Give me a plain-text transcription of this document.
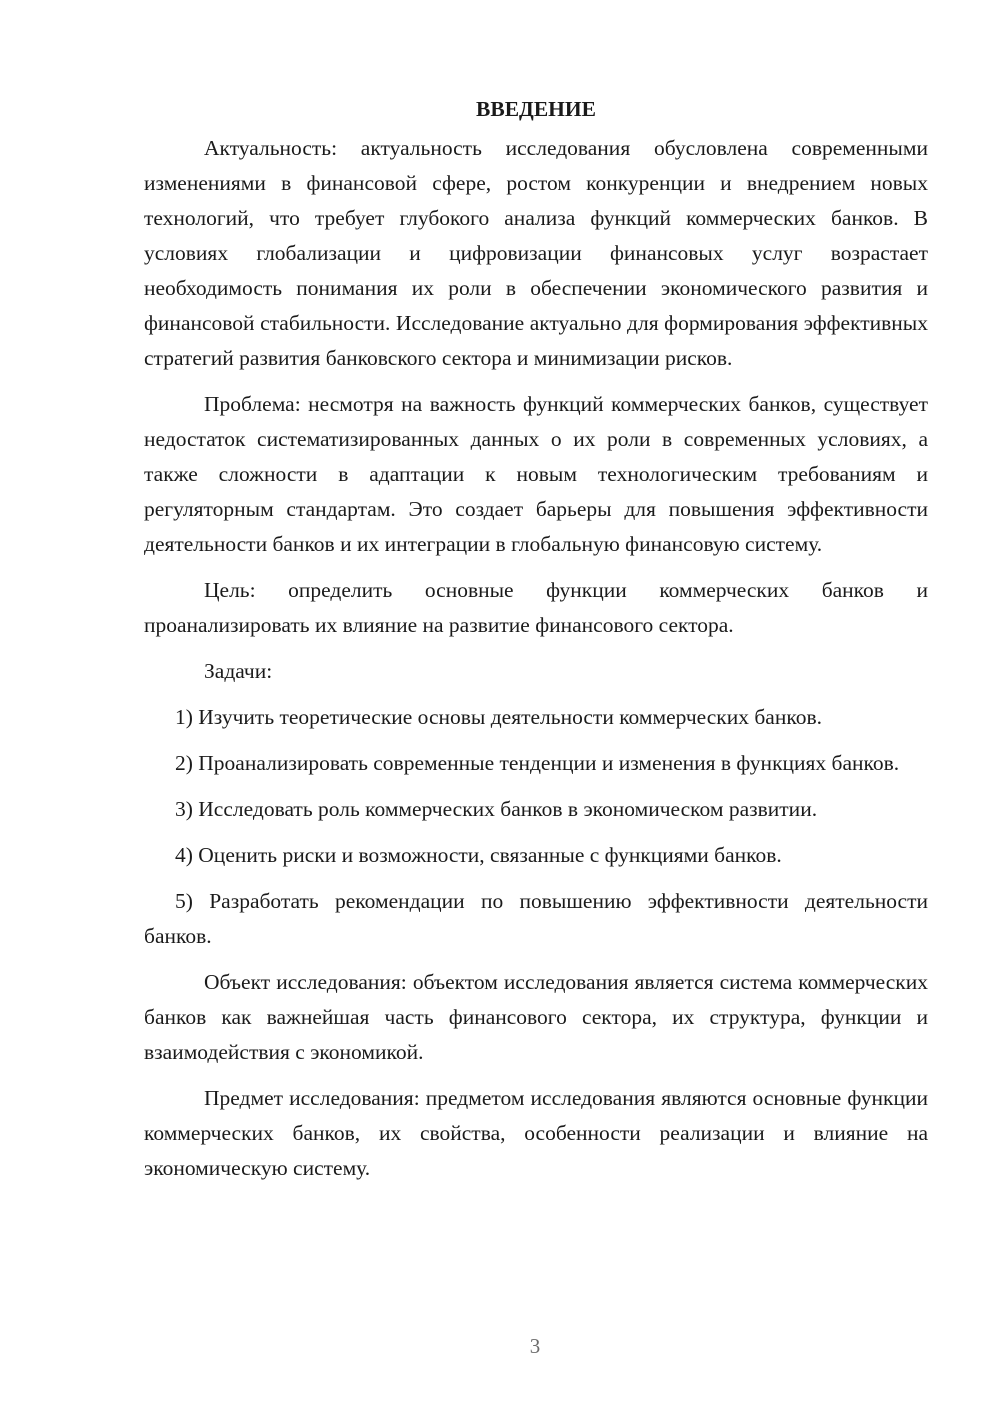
ВВЕДЕНИЕ

Актуальность: актуальность исследования обусловлена современными изменениями в финансовой сфере, ростом конкуренции и внедрением новых технологий, что требует глубокого анализа функций коммерческих банков. В условиях глобализации и цифровизации финансовых услуг возрастает необходимость понимания их роли в обеспечении экономического развития и финансовой стабильности. Исследование актуально для формирования эффективных стратегий развития банковского сектора и минимизации рисков.

Проблема: несмотря на важность функций коммерческих банков, существует недостаток систематизированных данных о их роли в современных условиях, а также сложности в адаптации к новым технологическим требованиям и регуляторным стандартам. Это создает барьеры для повышения эффективности деятельности банков и их интеграции в глобальную финансовую систему.

Цель: определить основные функции коммерческих банков и проанализировать их влияние на развитие финансового сектора.

Задачи:

1) Изучить теоретические основы деятельности коммерческих банков.

2) Проанализировать современные тенденции и изменения в функциях банков.

3) Исследовать роль коммерческих банков в экономическом развитии.

4) Оценить риски и возможности, связанные с функциями банков.

5) Разработать рекомендации по повышению эффективности деятельности банков.

Объект исследования: объектом исследования является система коммерческих банков как важнейшая часть финансового сектора, их структура, функции и взаимодействия с экономикой.

Предмет исследования: предметом исследования являются основные функции коммерческих банков, их свойства, особенности реализации и влияние на экономическую систему.

3
